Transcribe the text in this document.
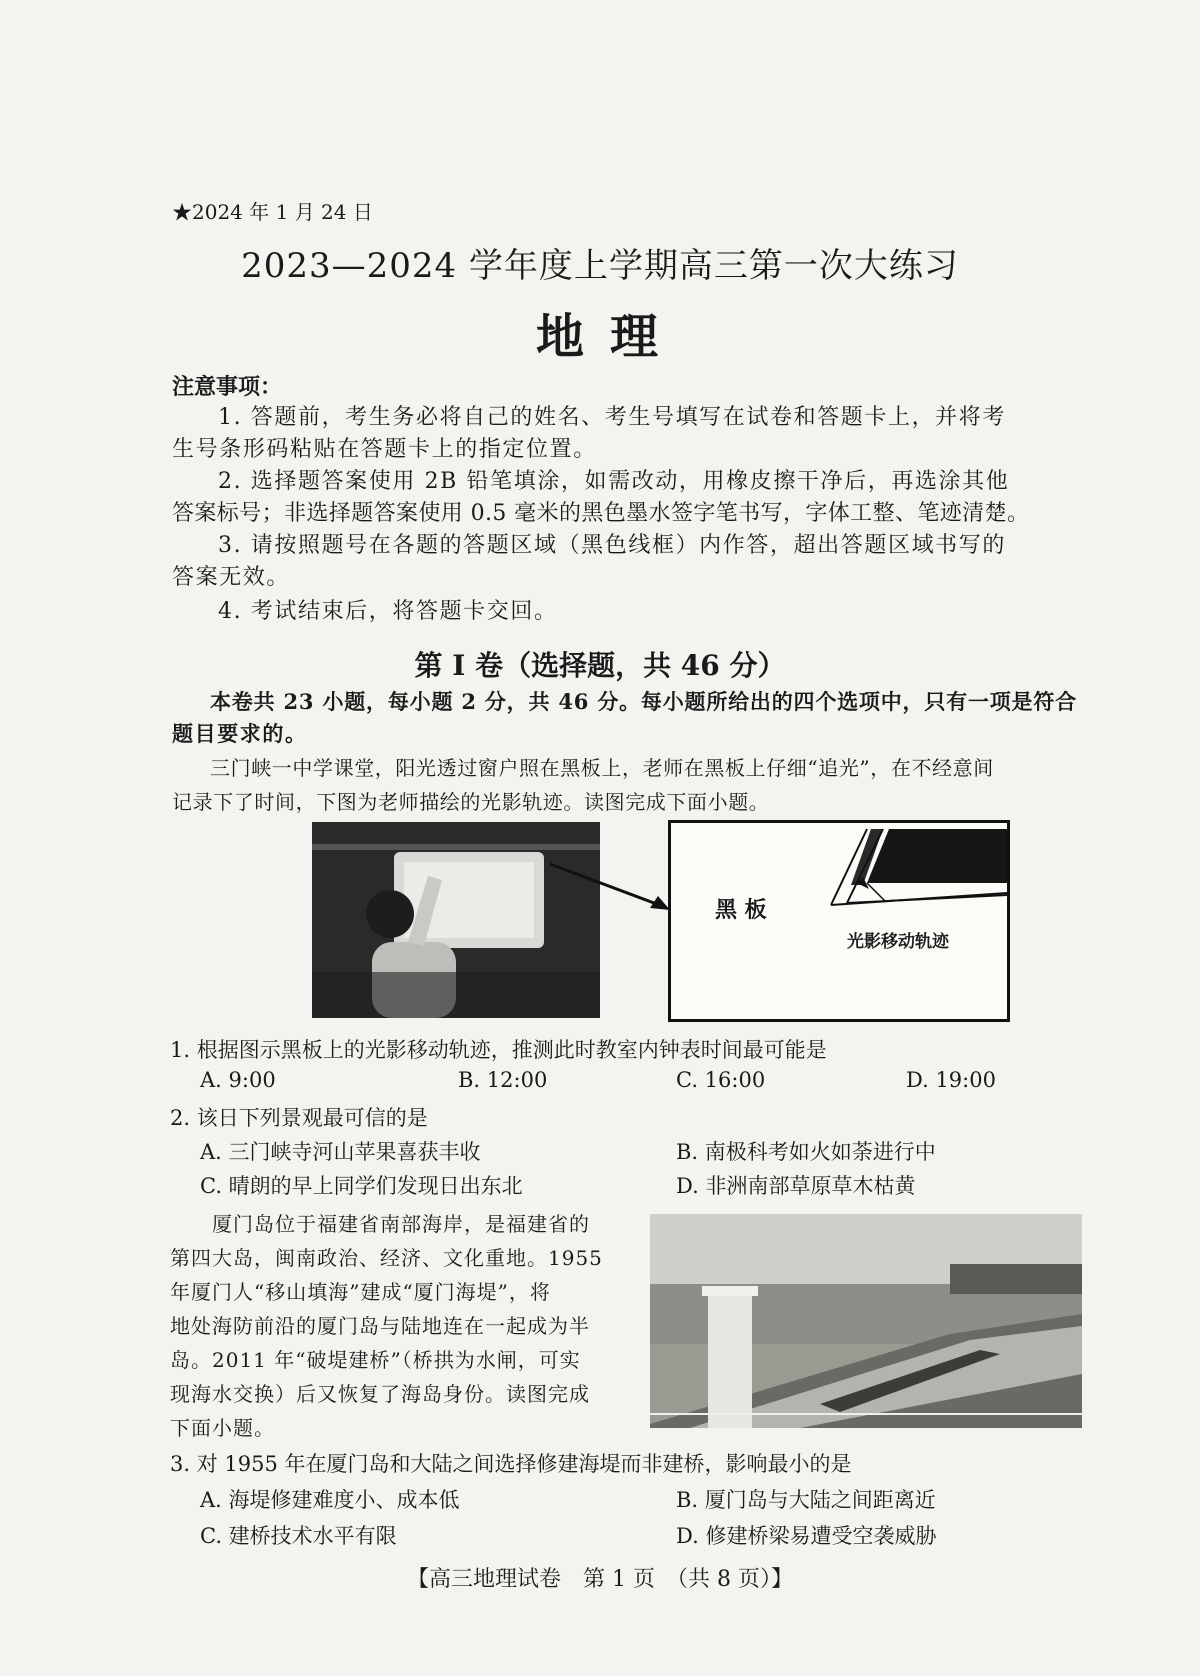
★2024 年 1 月 24 日
2023—2024 学年度上学期高三第一次大练习
地理
注意事项：
1. 答题前，考生务必将自己的姓名、考生号填写在试卷和答题卡上，并将考
生号条形码粘贴在答题卡上的指定位置。
2. 选择题答案使用 2B 铅笔填涂，如需改动，用橡皮擦干净后，再选涂其他
答案标号；非选择题答案使用 0.5 毫米的黑色墨水签字笔书写，字体工整、笔迹清楚。
3. 请按照题号在各题的答题区域（黑色线框）内作答，超出答题区域书写的
答案无效。
4. 考试结束后，将答题卡交回。
第 I 卷（选择题，共 46 分）
本卷共 23 小题，每小题 2 分，共 46 分。每小题所给出的四个选项中，只有一项是符合
题目要求的。
三门峡一中学课堂，阳光透过窗户照在黑板上，老师在黑板上仔细“追光”，在不经意间
记录下了时间，下图为老师描绘的光影轨迹。读图完成下面小题。
黑 板
光影移动轨迹
1. 根据图示黑板上的光影移动轨迹，推测此时教室内钟表时间最可能是
A. 9:00	B. 12:00	C. 16:00	D. 19:00
2. 该日下列景观最可信的是
A. 三门峡寺河山苹果喜获丰收	B. 南极科考如火如荼进行中
C. 晴朗的早上同学们发现日出东北	D. 非洲南部草原草木枯黄
厦门岛位于福建省南部海岸，是福建省的
第四大岛，闽南政治、经济、文化重地。1955
年厦门人“移山填海”建成“厦门海堤”，将
地处海防前沿的厦门岛与陆地连在一起成为半
岛。2011 年“破堤建桥”（桥拱为水闸，可实
现海水交换）后又恢复了海岛身份。读图完成
下面小题。
3. 对 1955 年在厦门岛和大陆之间选择修建海堤而非建桥，影响最小的是
A. 海堤修建难度小、成本低	B. 厦门岛与大陆之间距离近
C. 建桥技术水平有限	D. 修建桥梁易遭受空袭威胁
【高三地理试卷　第 1 页　（共 8 页）】
